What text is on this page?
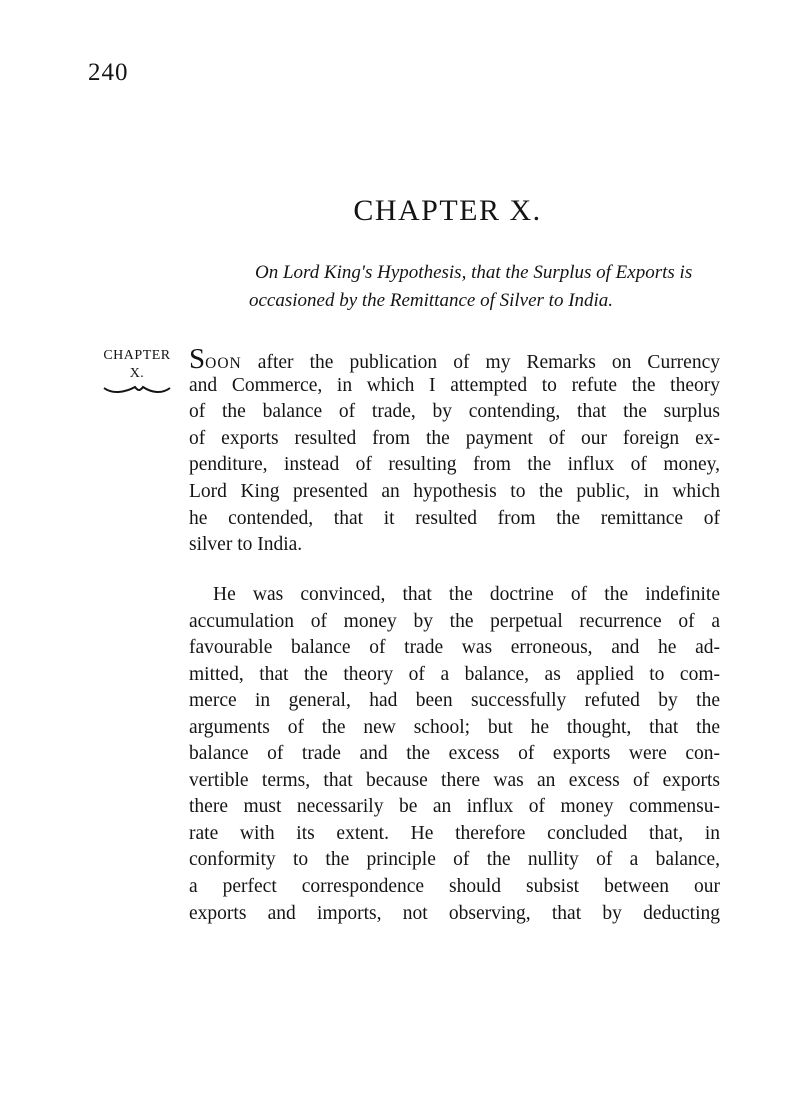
240
CHAPTER X.

On Lord King's Hypothesis, that the Surplus of Exports is

occasioned by the Remittance of Silver to India.

CHAPTER
X.	SOON after the publication of my Remarks on Currency
and Commerce, in which I attempted to refute the theory
of the balance of trade, by contending, that the surplus
of exports resulted from the payment of our foreign ex-
penditure, instead of resulting from the influx of money,
Lord King presented an hypothesis to the public, in which
he contended, that it resulted from the remittance of
silver to India.
He was convinced, that the doctrine of the indefinite
accumulation of money by the perpetual recurrence of a
favourable balance of trade was erroneous, and he ad-
mitted, that the theory of a balance, as applied to com-
merce in general, had been successfully refuted by the
arguments of the new school; but he thought, that the
balance of trade and the excess of exports were con-
vertible terms, that because there was an excess of exports
there must necessarily be an influx of money commensu-
rate with its extent. He therefore concluded that, in
conformity to the principle of the nullity of a balance,
a perfect correspondence should subsist between our
exports and imports, not observing, that by deducting
